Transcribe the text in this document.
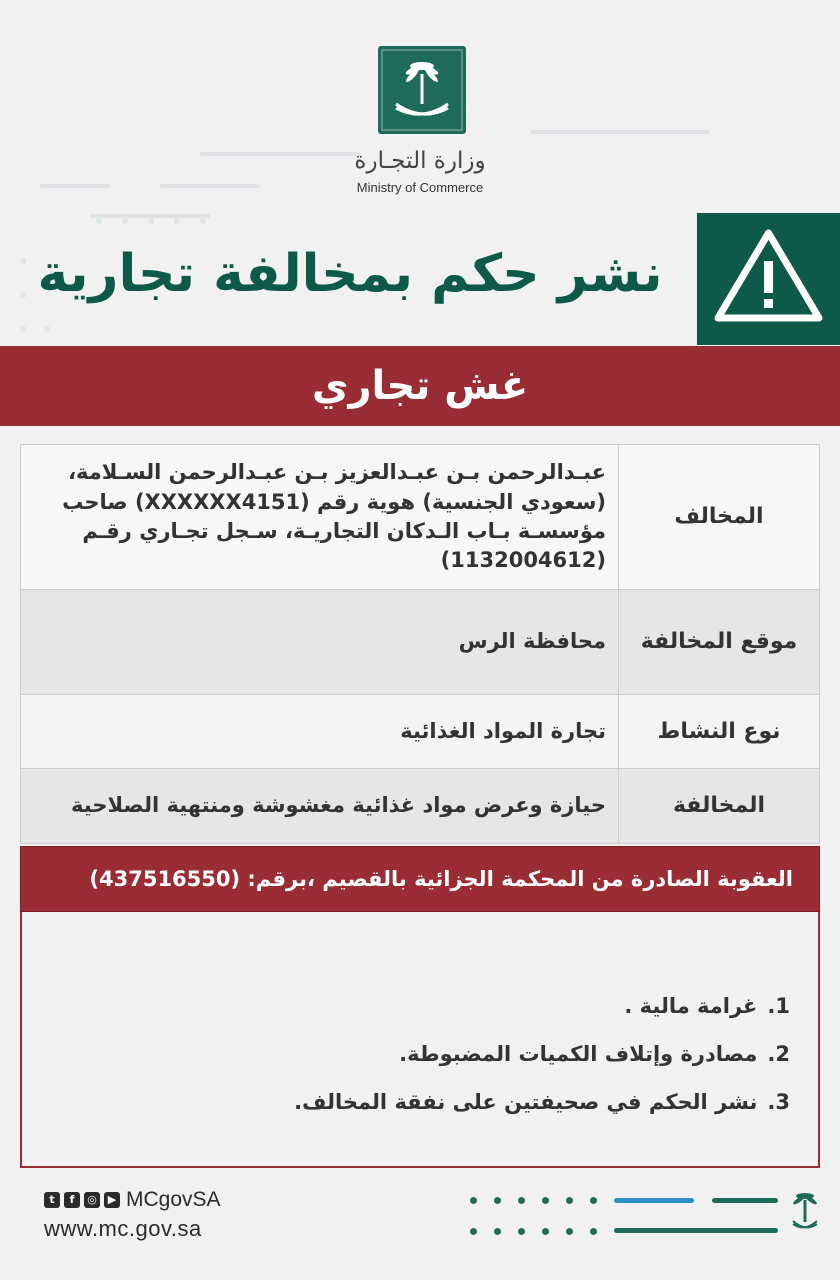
وزارة التجـارة
Ministry of Commerce
نشر حكم بمخالفة تجارية
غش تجاري
المخالف	عبـدالرحمن بـن عبـدالعزيز بـن عبـدالرحمن السـلامة، (سعودي الجنسية) هوية رقم (XXXXXX4151) صاحب مؤسسـة بـاب الـدكان التجاريـة، سـجل تجـاري رقـم (1132004612)
موقع المخالفة	محافظة الرس
نوع النشاط	تجارة المواد الغذائية
المخالفة	حيازة وعرض مواد غذائية مغشوشة ومنتهية الصلاحية
العقوبة الصادرة من المحكمة الجزائية بالقصيم ،برقم: (437516550)
1.غرامة مالية .
2.مصادرة وإتلاف الكميات المضبوطة.
3.نشر الحكم في صحيفتين على نفقة المخالف.
t	f	◎ ▶ MCgovSA
www.mc.gov.sa
